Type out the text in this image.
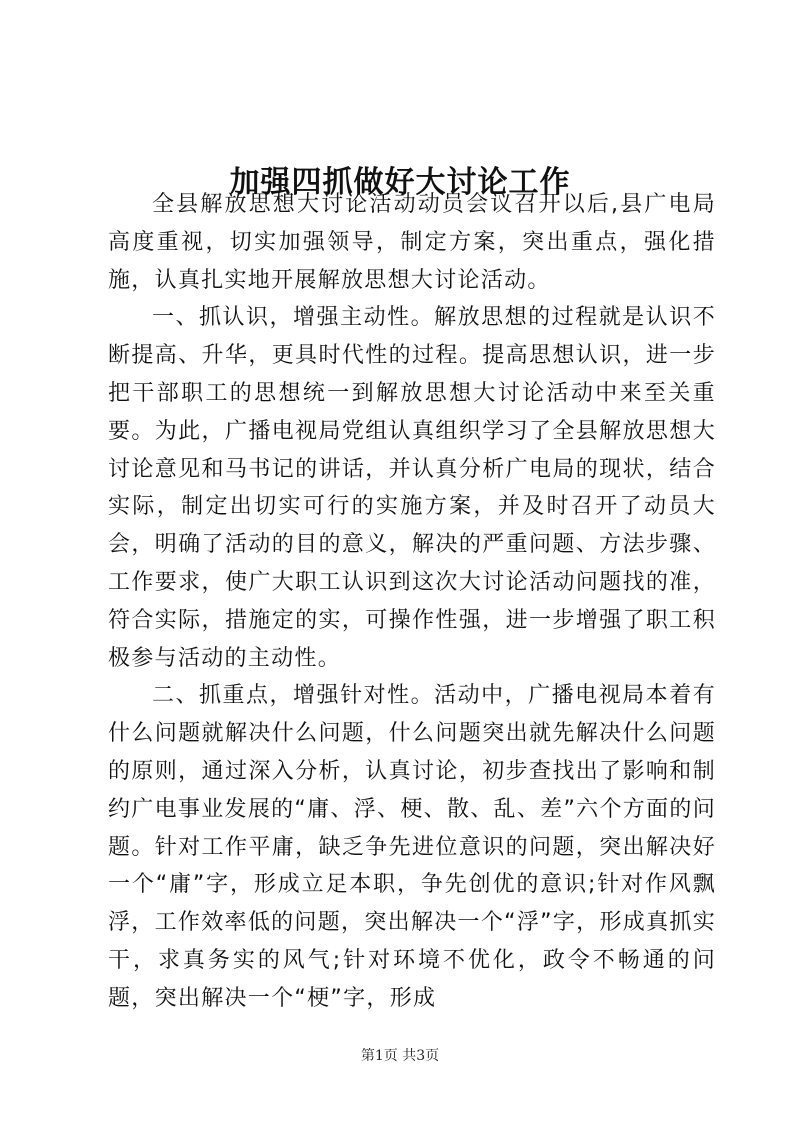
加强四抓做好大讨论工作

全县解放思想大讨论活动动员会议召开以后,县广电局高度重视，切实加强领导，制定方案，突出重点，强化措施，认真扎实地开展解放思想大讨论活动。

一、抓认识，增强主动性。解放思想的过程就是认识不断提高、升华，更具时代性的过程。提高思想认识，进一步把干部职工的思想统一到解放思想大讨论活动中来至关重要。为此，广播电视局党组认真组织学习了全县解放思想大讨论意见和马书记的讲话，并认真分析广电局的现状，结合实际，制定出切实可行的实施方案，并及时召开了动员大会，明确了活动的目的意义，解决的严重问题、方法步骤、工作要求，使广大职工认识到这次大讨论活动问题找的准，符合实际，措施定的实，可操作性强，进一步增强了职工积极参与活动的主动性。

二、抓重点，增强针对性。活动中，广播电视局本着有什么问题就解决什么问题，什么问题突出就先解决什么问题的原则，通过深入分析，认真讨论，初步查找出了影响和制约广电事业发展的“庸、浮、梗、散、乱、差”六个方面的问题。针对工作平庸，缺乏争先进位意识的问题，突出解决好一个“庸”字，形成立足本职，争先创优的意识;针对作风飘浮，工作效率低的问题，突出解决一个“浮”字，形成真抓实干，求真务实的风气;针对环境不优化，政令不畅通的问题，突出解决一个“梗”字，形成

第1页 共3页
